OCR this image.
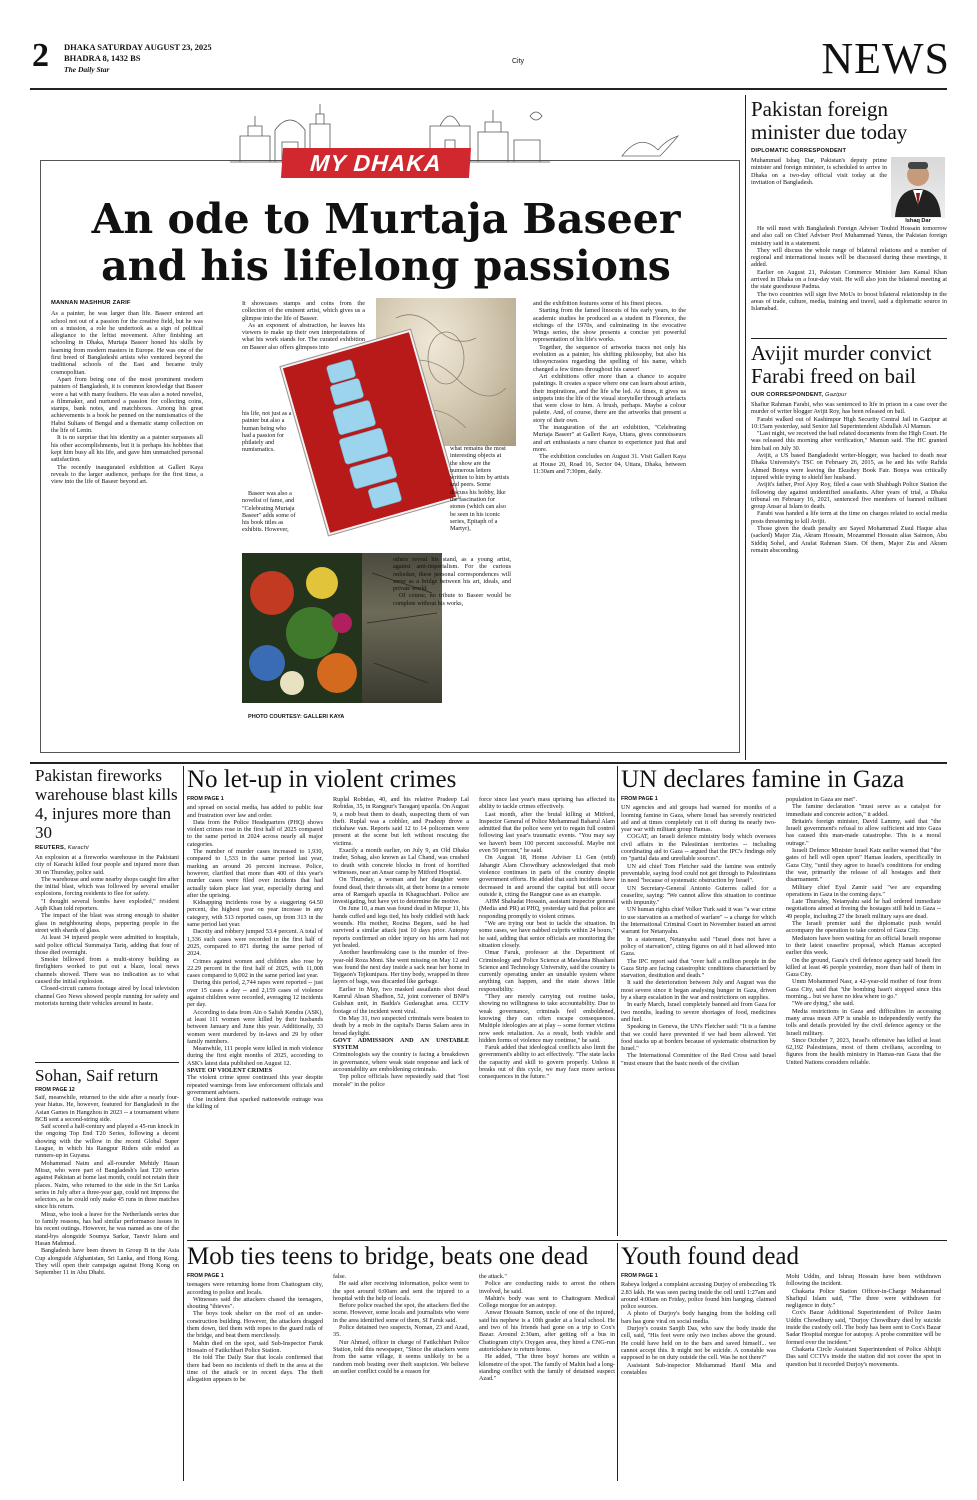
2 DHAKA SATURDAY AUGUST 23, 2025
BHADRA 8, 1432 BS
The Daily Star
City	NEWS
MY DHAKA
An ode to Murtaja Baseer and his lifelong passions
MANNAN MASHHUR ZARIF

As a painter, he was larger than life. Baseer entered art school not out of a passion for the creative field, but he was on a mission, a role he undertook as a sign of political allegiance to the leftist movement. After finishing art schooling in Dhaka, Murtaja Baseer honed his skills by learning from modern masters in Europe. He was one of the first breed of Bangladeshi artists who ventured beyond the traditional schools of the East and became truly cosmopolitan.

Apart from being one of the most prominent modern painters of Bangladesh, it is common knowledge that Baseer wore a hat with many feathers. He was also a noted novelist, a filmmaker, and nurtured a passion for collecting coins, stamps, bank notes, and matchboxes. Among his great achievements is a book he penned on the numismatics of the Habsi Sultans of Bengal and a thematic stamp collection on the life of Lenin.

It is no surprise that his identity as a painter surpasses all his other accomplishments, but it is perhaps his hobbies that kept him busy all his life, and gave him unmatched personal satisfaction.

The recently inaugurated exhibition at Galleri Kaya reveals to the larger audience, perhaps for the first time, a view into the life of Baseer beyond art.

It showcases stamps and coins from the collection of the eminent artist, which gives us a glimpse into the life of Baseer.

As an exponent of abstraction, he leaves his viewers to make up their own interpretations of what his work stands for. The curated exhibition on Baseer also offers glimpses into

his life, not just as a painter but also a human being who had a passion for philately and numismatics.

Baseer was also a novelist of fame, and "Celebrating Murtaja Baseer" adds some of his book titles as exhibits. However,

PHOTO COURTESY: GALLERI KAYA

what remains the most interesting objects at the show are the numerous letters written to him by artists and peers. Some discuss his hobby, like the fascination for stones (which can also be seen in his iconic series, Epitaph of a Martyr),

others reveal his stand, as a young artist, against anti-imperialism. For the curious onlooker, these personal correspondences will serve as a bridge between his art, ideals, and private world.

Of course, no tribute to Baseer would be complete without his works,

and the exhibition features some of his finest pieces.

Starting from the famed linocuts of his early years, to the academic studies he produced as a student in Florence, the etchings of the 1970s, and culminating in the evocative Wings series, the show presents a concise yet powerful representation of his life's works.

Together, the sequence of artworks traces not only his evolution as a painter, his shifting philosophy, but also his idiosyncrasies regarding the spelling of his name, which changed a few times throughout his career!

Art exhibitions offer more than a chance to acquire paintings. It creates a space where one can learn about artists, their inspirations, and the life s/he led. At times, it gives us snippets into the life of the visual storyteller through artefacts that were close to him. A brush, perhaps. Maybe a colour palette. And, of course, there are the artworks that present a story of their own.

The inauguration of the art exhibition, "Celebrating Murtaja Baseer" at Galleri Kaya, Uttara, gives connoisseurs and art enthusiasts a rare chance to experience just that and more.

The exhibition concludes on August 31. Visit Galleri Kaya at House 20, Road 16, Sector 04, Uttara, Dhaka, between 11:30am and 7:30pm, daily.

Pakistan foreign minister due today
DIPLOMATIC CORRESPONDENT

Muhammad Ishaq Dar, Pakistan's deputy prime minister and foreign minister, is scheduled to arrive in Dhaka on a two-day official visit today at the invitation of Bangladesh.

Ishaq Dar

He will meet with Bangladesh Foreign Adviser Touhid Hossain tomorrow and also call on Chief Adviser Prof Muhammad Yunus, the Pakistan foreign ministry said in a statement.

They will discuss the whole range of bilateral relations and a number of regional and international issues will be discussed during these meetings, it added.

Earlier on August 21, Pakistan Commerce Minister Jam Kamal Khan arrived in Dhaka on a four-day visit. He will also join the bilateral meeting at the state guesthouse Padma.

The two countries will sign five MoUs to boost bilateral relationship in the areas of trade, culture, media, training and travel, said a diplomatic source in Islamabad.

Avijit murder convict Farabi freed on bail
OUR CORRESPONDENT, Gazipur

Shafiur Rahman Farabi, who was sentenced to life in prison in a case over the murder of writer blogger Avijit Roy, has been released on bail.

Farabi walked out of Kashimpur High Security Central Jail in Gazipur at 10:15am yesterday, said Senior Jail Superintendent Abdullah Al Mamun.

"Last night, we received the bail related documents from the High Court. He was released this morning after verification," Mamun said. The HC granted him bail on July 30.

Avijit, a US based Bangladeshi writer-blogger, was hacked to death near Dhaka University's TSC on February 26, 2015, as he and his wife Rafida Ahmed Bonya were leaving the Ekushey Book Fair. Bonya was critically injured while trying to shield her husband.

Avijit's father, Prof Ajoy Roy, filed a case with Shahbagh Police Station the following day against unidentified assailants. After years of trial, a Dhaka tribunal on February 16, 2021, sentenced five members of banned militant group Ansar al Islam to death.

Farabi was handed a life term at the time on charges related to social media posts threatening to kill Avijit.

Those given the death penalty are Sayed Mohammad Ziaul Haque alias (sacked) Major Zia, Akram Hossain, Mozammel Hossain alias Saimon, Abu Siddiq Sohel, and Arafat Rahman Siam. Of them, Major Zia and Akram remain absconding.

Pakistan fireworks warehouse blast kills 4, injures more than 30
REUTERS, Karachi

An explosion at a fireworks warehouse in the Pakistani city of Karachi killed four people and injured more than 30 on Thursday, police said.

The warehouse and some nearby shops caught fire after the initial blast, which was followed by several smaller explosions, forcing residents to flee for safety.

"I thought several bombs have exploded," resident Aqib Khan told reporters.

The impact of the blast was strong enough to shatter glass in neighbouring shops, peppering people in the street with shards of glass.

At least 34 injured people were admitted to hospitals, said police official Summaiya Tariq, adding that four of those died overnight.

Smoke billowed from a multi-storey building as firefighters worked to put out a blaze, local news channels showed. There was no indication as to what caused the initial explosion.

Closed-circuit camera footage aired by local television channel Geo News showed people running for safety and motorists turning their vehicles around in haste.

Sohan, Saif return
FROM PAGE 12

Saif, meanwhile, returned to the side after a nearly four-year hiatus. He, however, featured for Bangladesh in the Asian Games in Hangzhou in 2023 -- a tournament where BCB sent a second-string side.

Saif scored a half-century and played a 45-run knock in the ongoing Top End T20 Series, following a decent showing with the willow in the recent Global Super League, in which his Rangpur Riders side ended as runners-up in Guyana.

Mohammad Naim and all-rounder Mehidy Hasan Miraz, who were part of Bangladesh's last T20 series against Pakistan at home last month, could not retain their places. Naim, who returned to the side in the Sri Lanka series in July after a three-year gap, could not impress the selectors, as he could only make 45 runs in three matches since his return.

Miraz, who took a leave for the Netherlands series due to family reasons, has had similar performance issues in his recent outings. However, he was named as one of the stand-bys alongside Soumya Sarkar, Tanvir Islam and Hasan Mahmud.

Bangladesh have been drawn in Group B in the Asia Cup alongside Afghanistan, Sri Lanka, and Hong Kong. They will open their campaign against Hong Kong on September 11 in Abu Dhabi.

No let-up in violent crimes
FROM PAGE 1

and spread on social media, has added to public fear and frustration over law and order.

Data from the Police Headquarters (PHQ) shows violent crimes rose in the first half of 2025 compared to the same period in 2024 across nearly all major categories.

The number of murder cases increased to 1,930, compared to 1,533 in the same period last year, marking an around 26 percent increase. Police, however, clarified that more than 400 of this year's murder cases were filed over incidents that had actually taken place last year, especially during and after the uprising.

Kidnapping incidents rose by a staggering 64.50 percent, the highest year on year increase in any category, with 513 reported cases, up from 313 in the same period last year.

Dacoity and robbery jumped 53.4 percent. A total of 1,336 such cases were recorded in the first half of 2025, compared to 871 during the same period of 2024.

Crimes against women and children also rose by 22.29 percent in the first half of 2025, with 11,008 cases compared to 9,002 in the same period last year.

During this period, 2,744 rapes were reported -- just over 15 cases a day -- and 2,159 cases of violence against children were recorded, averaging 12 incidents per day.

According to data from Ain o Salish Kendra (ASK), at least 111 women were killed by their husbands between January and June this year. Additionally, 33 women were murdered by in-laws and 29 by other family members.

Meanwhile, 111 people were killed in mob violence during the first eight months of 2025, according to ASK's latest data published on August 12.

SPATE OF VIOLENT CRIMES

The violent crime spree continued this year despite repeated warnings from law enforcement officials and government advisers.

One incident that sparked nationwide outrage was the killing of

Ruplal Robidas, 40, and his relative Pradeep Lal Robidas, 35, in Rangpur's Taraganj upazila. On August 9, a mob beat them to death, suspecting them of van theft. Ruplal was a cobbler, and Pradeep drove a rickshaw van. Reports said 12 to 14 policemen were present at the scene but left without rescuing the victims.

Exactly a month earlier, on July 9, an Old Dhaka trader, Sohag, also known as Lal Chand, was crushed to death with concrete blocks in front of horrified witnesses, near an Ansar camp by Mitford Hospital.

On Thursday, a woman and her daughter were found dead, their throats slit, at their home in a remote area of Ramgarh upazila in Khagrachhari. Police are investigating, but have yet to determine the motive.

On June 10, a man was found dead in Mirpur 11, his hands cuffed and legs tied, his body riddled with hack wounds. His mother, Rozina Begum, said he had survived a similar attack just 10 days prior. Autopsy reports confirmed an older injury on his arm had not yet healed.

Another heartbreaking case is the murder of five-year-old Roza Moni. She went missing on May 12 and was found the next day inside a sack near her home in Tejgaon's Tejkunipara. Her tiny body, wrapped in three layers of bags, was discarded like garbage.

Earlier in May, two masked assailants shot dead Kamrul Ahsan Shadhon, 52, joint convener of BNP's Gulshan unit, in Badda's Gudaraghat area. CCTV footage of the incident went viral.

On May 31, two suspected criminals were beaten to death by a mob in the capital's Darus Salam area in broad daylight.

GOVT ADMISSION AND AN UNSTABLE SYSTEM

Criminologists say the country is facing a breakdown in governance, where weak state response and lack of accountability are emboldening criminals.

Top police officials have repeatedly said that "lost morale" in the police

force since last year's mass uprising has affected its ability to tackle crimes effectively.

Last month, after the brutal killing at Mitford, Inspector General of Police Mohammad Baharul Alam admitted that the police were yet to regain full control following last year's traumatic events. "You may say we haven't been 100 percent successful. Maybe not even 50 percent," he said.

On August 18, Home Adviser Lt Gen (retd) Jahangir Alam Chowdhury acknowledged that mob violence continues in parts of the country despite government efforts. He added that such incidents have decreased in and around the capital but still occur outside it, citing the Rangpur case as an example.

AHM Shahadat Hossain, assistant inspector general (Media and PR) at PHQ, yesterday said that police are responding promptly to violent crimes.

"We are trying our best to tackle the situation. In some cases, we have nabbed culprits within 24 hours," he said, adding that senior officials are monitoring the situation closely.

Omar Faruk, professor at the Department of Criminology and Police Science at Mawlana Bhashani Science and Technology University, said the country is currently operating under an unstable system where anything can happen, and the state shows little responsibility.

"They are merely carrying out routine tasks, showing no willingness to take accountability. Due to weak governance, criminals feel emboldened, knowing they can often escape consequences. Multiple ideologies are at play -- some former victims now seek retaliation. As a result, both visible and hidden forms of violence may continue," he said.

Faruk added that ideological conflicts also limit the government's ability to act effectively. "The state lacks the capacity and skill to govern properly. Unless it breaks out of this cycle, we may face more serious consequences in the future."

UN declares famine in Gaza
FROM PAGE 1

UN agencies and aid groups had warned for months of a looming famine in Gaza, where Israel has severely restricted aid and at times completely cut it off during its nearly two-year war with militant group Hamas.

COGAT, an Israeli defence ministry body which oversees civil affairs in the Palestinian territories -- including coordinating aid to Gaza -- argued that the IPC's findings rely on "partial data and unreliable sources".

UN aid chief Tom Fletcher said the famine was entirely preventable, saying food could not get through to Palestinians in need "because of systematic obstruction by Israel".

UN Secretary-General Antonio Guterres called for a ceasefire, saying: "We cannot allow this situation to continue with impunity."

UN human rights chief Volker Turk said it was "a war crime to use starvation as a method of warfare" -- a charge for which the International Criminal Court in November issued an arrest warrant for Netanyahu.

In a statement, Netanyahu said "Israel does not have a policy of starvation", citing figures on aid it had allowed into Gaza.

The IPC report said that "over half a million people in the Gaza Strip are facing catastrophic conditions characterised by starvation, destitution and death."

It said the deterioration between July and August was the most severe since it began analysing hunger in Gaza, driven by a sharp escalation in the war and restrictions on supplies.

In early March, Israel completely banned aid from Gaza for two months, leading to severe shortages of food, medicines and fuel.

Speaking in Geneva, the UN's Fletcher said: "It is a famine that we could have prevented if we had been allowed. Yet food stacks up at borders because of systematic obstruction by Israel."

The International Committee of the Red Cross said Israel "must ensure that the basic needs of the civilian

population in Gaza are met".

The famine declaration "must serve as a catalyst for immediate and concrete action," it added.

Britain's foreign minister, David Lammy, said that "the Israeli government's refusal to allow sufficient aid into Gaza has caused this man-made catastrophe. This is a moral outrage."

Israeli Defence Minister Israel Katz earlier warned that "the gates of hell will open upon" Hamas leaders, specifically in Gaza City, "until they agree to Israel's conditions for ending the war, primarily the release of all hostages and their disarmament."

Military chief Eyal Zamir said "we are expanding operations in Gaza in the coming days."

Late Thursday, Netanyahu said he had ordered immediate negotiations aimed at freeing the hostages still held in Gaza -- 49 people, including 27 the Israeli military says are dead.

The Israeli premier said the diplomatic push would accompany the operation to take control of Gaza City.

Mediators have been waiting for an official Israeli response to their latest ceasefire proposal, which Hamas accepted earlier this week.

On the ground, Gaza's civil defence agency said Israeli fire killed at least 46 people yesterday, more than half of them in Gaza City.

Umm Mohammed Nasr, a 42-year-old mother of four from Gaza City, said that "the bombing hasn't stopped since this morning... but we have no idea where to go."

"We are dying," she said.

Media restrictions in Gaza and difficulties in accessing many areas mean AFP is unable to independently verify the tolls and details provided by the civil defence agency or the Israeli military.

Since October 7, 2023, Israel's offensive has killed at least 62,192 Palestinians, most of them civilians, according to figures from the health ministry in Hamas-run Gaza that the United Nations considers reliable.

Mob ties teens to bridge, beats one dead
FROM PAGE 1

teenagers were returning home from Chattogram city, according to police and locals.

Witnesses said the attackers chased the teenagers, shouting "thieves".

The boys took shelter on the roof of an under-construction building. However, the attackers dragged them down, tied them with ropes to the guard rails of the bridge, and beat them mercilessly.

Mahin died on the spot, said Sub-Inspector Faruk Hossain of Fatikchhari Police Station.

He told The Daily Star that locals confirmed that there had been no incidents of theft in the area at the time of the attack or in recent days. The theft allegation appears to be

false.

He said after receiving information, police went to the spot around 6:00am and sent the injured to a hospital with the help of locals.

Before police reached the spot, the attackers fled the scene. However, some locals and journalists who were in the area identified some of them, SI Faruk said.

Police detained two suspects, Noman, 23 and Azad, 35.

Nur Ahmed, officer in charge of Fatikchhari Police Station, told this newspaper, "Since the attackers were from the same village, it seems unlikely to be a random mob beating over theft suspicion. We believe an earlier conflict could be a reason for

the attack."

Police are conducting raids to arrest the others involved, he said.

Mahin's body was sent to Chattogram Medical College morgue for an autopsy.

Anwar Hossain Sumon, uncle of one of the injured, said his nephew is a 10th grader at a local school. He and two of his friends had gone on a trip to Cox's Bazar. Around 2:30am, after getting off a bus in Chattogram city's Oxygen area, they hired a CNG-run autorickshaw to return home.

He added, "The three boys' homes are within a kilometre of the spot. The family of Mahin had a long-standing conflict with the family of detained suspect Azad."

Youth found dead
FROM PAGE 1

Rabeya lodged a complaint accusing Durjoy of embezzling Tk 2.83 lakh. He was seen pacing inside the cell until 1:27am and around 4:00am on Friday, police found him hanging, claimed police sources.

A photo of Durjoy's body hanging from the holding cell bars has gone viral on social media.

Durjoy's cousin Sanjib Das, who saw the body inside the cell, said, "His feet were only two inches above the ground. He could have held on to the bars and saved himself... we cannot accept this. It might not be suicide. A constable was supposed to be on duty outside the cell. Was he not there?"

Assistant Sub-inspector Mohammad Hanif Mia and constables

Mohi Uddin, and Ishraq Hossain have been withdrawn following the incident.

Chakaria Police Station Officer-in-Charge Mohammad Shafiqul Islam said, "The three were withdrawn for negligence in duty."

Cox's Bazar Additional Superintendent of Police Jasim Uddin Chowdhury said, "Durjoy Chowdhury died by suicide inside the custody cell. The body has been sent to Cox's Bazar Sadar Hospital morgue for autopsy. A probe committee will be formed over the incident."

Chakaria Circle Assistant Superintendent of Police Abhijit Das said CCTVs inside the station did not cover the spot in question but it recorded Durjoy's movements.
